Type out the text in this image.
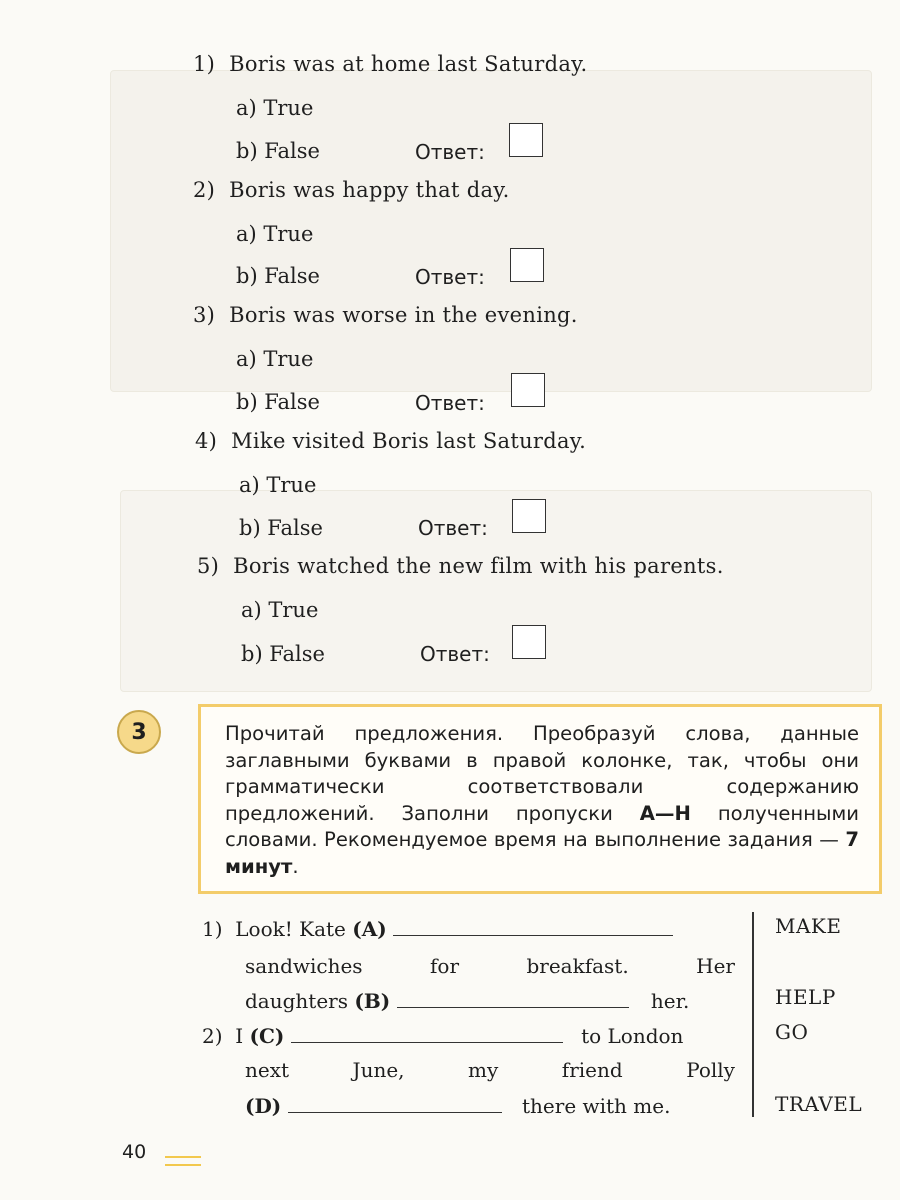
1) Boris was at home last Saturday.
a) True
b) False	Ответ:
2) Boris was happy that day.
a) True
b) False	Ответ:
3) Boris was worse in the evening.
a) True
b) False	Ответ:
4) Mike visited Boris last Saturday.
a) True
b) False	Ответ:
5) Boris watched the new film with his parents.
a) True
b) False	Ответ:
3	Прочитай предложения. Преобразуй слова, данные заглавными буквами в правой колонке, так, чтобы они грамматически соответствовали содержанию предложений. Заполни пропуски A—H полученными словами. Рекомендуемое время на выполнение задания — 7 минут.
1) Look! Kate (A)
sandwiches	for	breakfast.	Her
daughters (B)	her.
2) I (C)	to London
next	June,	my	friend	Polly
(D)	there with me.
MAKE
HELP
GO
TRAVEL
40
